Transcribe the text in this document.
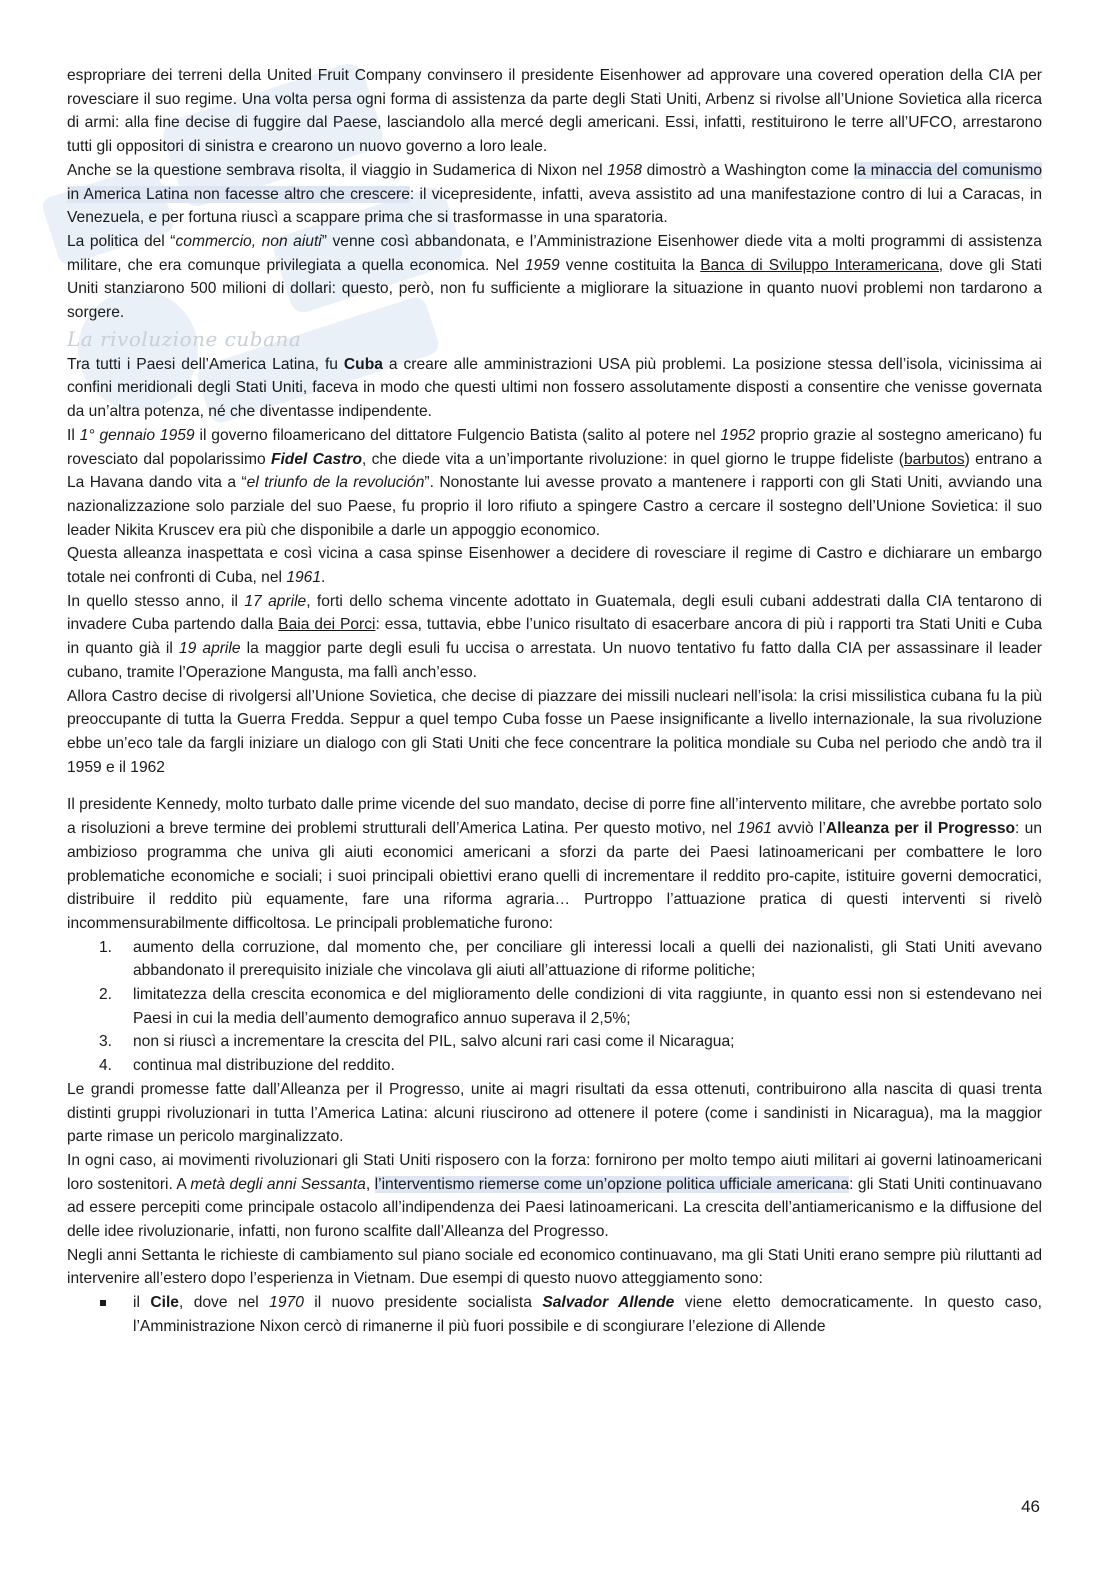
espropriare dei terreni della United Fruit Company convinsero il presidente Eisenhower ad approvare una covered operation della CIA per rovesciare il suo regime. Una volta persa ogni forma di assistenza da parte degli Stati Uniti, Arbenz si rivolse all’Unione Sovietica alla ricerca di armi: alla fine decise di fuggire dal Paese, lasciandolo alla mercé degli americani. Essi, infatti, restituirono le terre all’UFCO, arrestarono tutti gli oppositori di sinistra e crearono un nuovo governo a loro leale.

Anche se la questione sembrava risolta, il viaggio in Sudamerica di Nixon nel 1958 dimostrò a Washington come la minaccia del comunismo in America Latina non facesse altro che crescere: il vicepresidente, infatti, aveva assistito ad una manifestazione contro di lui a Caracas, in Venezuela, e per fortuna riuscì a scappare prima che si trasformasse in una sparatoria.

La politica del “commercio, non aiuti” venne così abbandonata, e l’Amministrazione Eisenhower diede vita a molti programmi di assistenza militare, che era comunque privilegiata a quella economica. Nel 1959 venne costituita la Banca di Sviluppo Interamericana, dove gli Stati Uniti stanziarono 500 milioni di dollari: questo, però, non fu sufficiente a migliorare la situazione in quanto nuovi problemi non tardarono a sorgere.

La rivoluzione cubana

Tra tutti i Paesi dell’America Latina, fu Cuba a creare alle amministrazioni USA più problemi. La posizione stessa dell’isola, vicinissima ai confini meridionali degli Stati Uniti, faceva in modo che questi ultimi non fossero assolutamente disposti a consentire che venisse governata da un’altra potenza, né che diventasse indipendente.

Il 1° gennaio 1959 il governo filoamericano del dittatore Fulgencio Batista (salito al potere nel 1952 proprio grazie al sostegno americano) fu rovesciato dal popolarissimo Fidel Castro, che diede vita a un’importante rivoluzione: in quel giorno le truppe fideliste (barbutos) entrano a La Havana dando vita a “el triunfo de la revolución”. Nonostante lui avesse provato a mantenere i rapporti con gli Stati Uniti, avviando una nazionalizzazione solo parziale del suo Paese, fu proprio il loro rifiuto a spingere Castro a cercare il sostegno dell’Unione Sovietica: il suo leader Nikita Kruscev era più che disponibile a darle un appoggio economico.

Questa alleanza inaspettata e così vicina a casa spinse Eisenhower a decidere di rovesciare il regime di Castro e dichiarare un embargo totale nei confronti di Cuba, nel 1961.

In quello stesso anno, il 17 aprile, forti dello schema vincente adottato in Guatemala, degli esuli cubani addestrati dalla CIA tentarono di invadere Cuba partendo dalla Baia dei Porci: essa, tuttavia, ebbe l’unico risultato di esacerbare ancora di più i rapporti tra Stati Uniti e Cuba in quanto già il 19 aprile la maggior parte degli esuli fu uccisa o arrestata. Un nuovo tentativo fu fatto dalla CIA per assassinare il leader cubano, tramite l’Operazione Mangusta, ma fallì anch’esso.

Allora Castro decise di rivolgersi all’Unione Sovietica, che decise di piazzare dei missili nucleari nell’isola: la crisi missilistica cubana fu la più preoccupante di tutta la Guerra Fredda. Seppur a quel tempo Cuba fosse un Paese insignificante a livello internazionale, la sua rivoluzione ebbe un’eco tale da fargli iniziare un dialogo con gli Stati Uniti che fece concentrare la politica mondiale su Cuba nel periodo che andò tra il 1959 e il 1962

Il presidente Kennedy, molto turbato dalle prime vicende del suo mandato, decise di porre fine all’intervento militare, che avrebbe portato solo a risoluzioni a breve termine dei problemi strutturali dell’America Latina. Per questo motivo, nel 1961 avviò l’Alleanza per il Progresso: un ambizioso programma che univa gli aiuti economici americani a sforzi da parte dei Paesi latinoamericani per combattere le loro problematiche economiche e sociali; i suoi principali obiettivi erano quelli di incrementare il reddito pro-capite, istituire governi democratici, distribuire il reddito più equamente, fare una riforma agraria… Purtroppo l’attuazione pratica di questi interventi si rivelò incommensurabilmente difficoltosa. Le principali problematiche furono:

1. aumento della corruzione, dal momento che, per conciliare gli interessi locali a quelli dei nazionalisti, gli Stati Uniti avevano abbandonato il prerequisito iniziale che vincolava gli aiuti all’attuazione di riforme politiche;
2. limitatezza della crescita economica e del miglioramento delle condizioni di vita raggiunte, in quanto essi non si estendevano nei Paesi in cui la media dell’aumento demografico annuo superava il 2,5%;
3. non si riuscì a incrementare la crescita del PIL, salvo alcuni rari casi come il Nicaragua;
4. continua mal distribuzione del reddito.

Le grandi promesse fatte dall’Alleanza per il Progresso, unite ai magri risultati da essa ottenuti, contribuirono alla nascita di quasi trenta distinti gruppi rivoluzionari in tutta l’America Latina: alcuni riuscirono ad ottenere il potere (come i sandinisti in Nicaragua), ma la maggior parte rimase un pericolo marginalizzato.

In ogni caso, ai movimenti rivoluzionari gli Stati Uniti risposero con la forza: fornirono per molto tempo aiuti militari ai governi latinoamericani loro sostenitori. A metà degli anni Sessanta, l’interventismo riemerse come un’opzione politica ufficiale americana: gli Stati Uniti continuavano ad essere percepiti come principale ostacolo all’indipendenza dei Paesi latinoamericani. La crescita dell’antiamericanismo e la diffusione del delle idee rivoluzionarie, infatti, non furono scalfite dall’Alleanza del Progresso.

Negli anni Settanta le richieste di cambiamento sul piano sociale ed economico continuavano, ma gli Stati Uniti erano sempre più riluttanti ad intervenire all’estero dopo l’esperienza in Vietnam. Due esempi di questo nuovo atteggiamento sono:

il Cile, dove nel 1970 il nuovo presidente socialista Salvador Allende viene eletto democraticamente. In questo caso, l’Amministrazione Nixon cercò di rimanerne il più fuori possibile e di scongiurare l’elezione di Allende
46
